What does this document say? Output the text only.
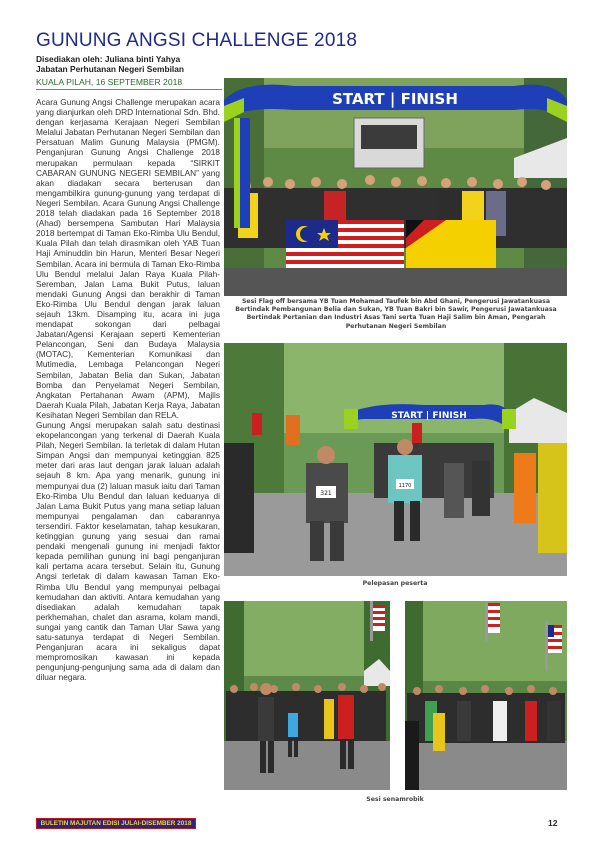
GUNUNG ANGSI CHALLENGE 2018
Disediakan oleh: Juliana binti Yahya
Jabatan Perhutanan Negeri Sembilan
KUALA PILAH, 16 SEPTEMBER 2018

Acara Gunung Angsi Challenge merupakan acara yang dianjurkan oleh DRD International Sdn. Bhd. dengan kerjasama Kerajaan Negeri Sembilan Melalui Jabatan Perhutanan Negeri Sembilan dan Persatuan Malim Gunung Malaysia (PMGM). Penganjuran Gunung Angsi Challenge 2018 merupakan permulaan kepada “SIRKIT CABARAN GUNUNG NEGERI SEMBILAN” yang akan diadakan secara berterusan dan mengambilkira gunung-gunung yang terdapat di Negeri Sembilan. Acara Gunung Angsi Challenge 2018 telah diadakan pada 16 September 2018 (Ahad) bersempena Sambutan Hari Malaysia 2018 bertempat di Taman Eko-Rimba Ulu Bendul, Kuala Pilah dan telah dirasmikan oleh YAB Tuan Haji Aminuddin bin Harun, Menteri Besar Negeri Sembilan. Acara ini bermula di Taman Eko-Rimba Ulu Bendul melalui Jalan Raya Kuala Pilah-Seremban, Jalan Lama Bukit Putus, laluan mendaki Gunung Angsi dan berakhir di Taman Eko-Rimba Ulu Bendul dengan jarak laluan sejauh 13km. Disamping itu, acara ini juga mendapat sokongan dari pelbagai Jabatan/Agensi Kerajaan seperti Kementerian Pelancongan, Seni dan Budaya Malaysia (MOTAC), Kementerian Komunikasi dan Mutimedia, Lembaga Pelancongan Negeri Sembilan, Jabatan Belia dan Sukan, Jabatan Bomba dan Penyelamat Negeri Sembilan, Angkatan Pertahanan Awam (APM), Majlis Daerah Kuala Pilah, Jabatan Kerja Raya, Jabatan Kesihatan Negeri Sembilan dan RELA.

Gunung Angsi merupakan salah satu destinasi ekopelancongan yang terkenal di Daerah Kuala Pilah, Negeri Sembilan. Ia terletak di dalam Hutan Simpan Angsi dan mempunyai ketinggian 825 meter dari aras laut dengan jarak laluan adalah sejauh 8 km. Apa yang menarik, gunung ini mempunyai dua (2) laluan masuk iaitu dari Taman Eko-Rimba Ulu Bendul dan laluan keduanya di Jalan Lama Bukit Putus yang mana setiap laluan mempunyai pengalaman dan cabarannya tersendiri. Faktor keselamatan, tahap kesukaran, ketinggian gunung yang sesuai dan ramai pendaki mengenali gunung ini menjadi faktor kepada pemilihan gunung ini bagi penganjuran kali pertama acara tersebut. Selain itu, Gunung Angsi terletak di dalam kawasan Taman Eko-Rimba Ulu Bendul yang mempunyai pelbagai kemudahan dan aktiviti. Antara kemudahan yang disediakan adalah kemudahan tapak perkhemahan, chalet dan asrama, kolam mandi, sungai yang cantik dan Taman Ular Sawa yang satu-satunya terdapat di Negeri Sembilan. Penganjuran acara ini sekaligus dapat mempromosikan kawasan ini kepada pengunjung-pengunjung sama ada di dalam dan diluar negara.

START | FINISH
Sesi Flag off bersama YB Tuan Mohamad Taufek bin Abd Ghani, Pengerusi Jawatankuasa Bertindak Pembangunan Belia dan Sukan, YB Tuan Bakri bin Sawir, Pengerusi Jawatankuasa Bertindak Pertanian dan Industri Asas Tani serta Tuan Haji Salim bin Aman, Pengarah Perhutanan Negeri Sembilan
START | FINISH
321
1170
Pelepasan peserta
Sesi senamrobik
BULETIN MAJUTAN EDISI JULAI-DISEMBER 2018	12
